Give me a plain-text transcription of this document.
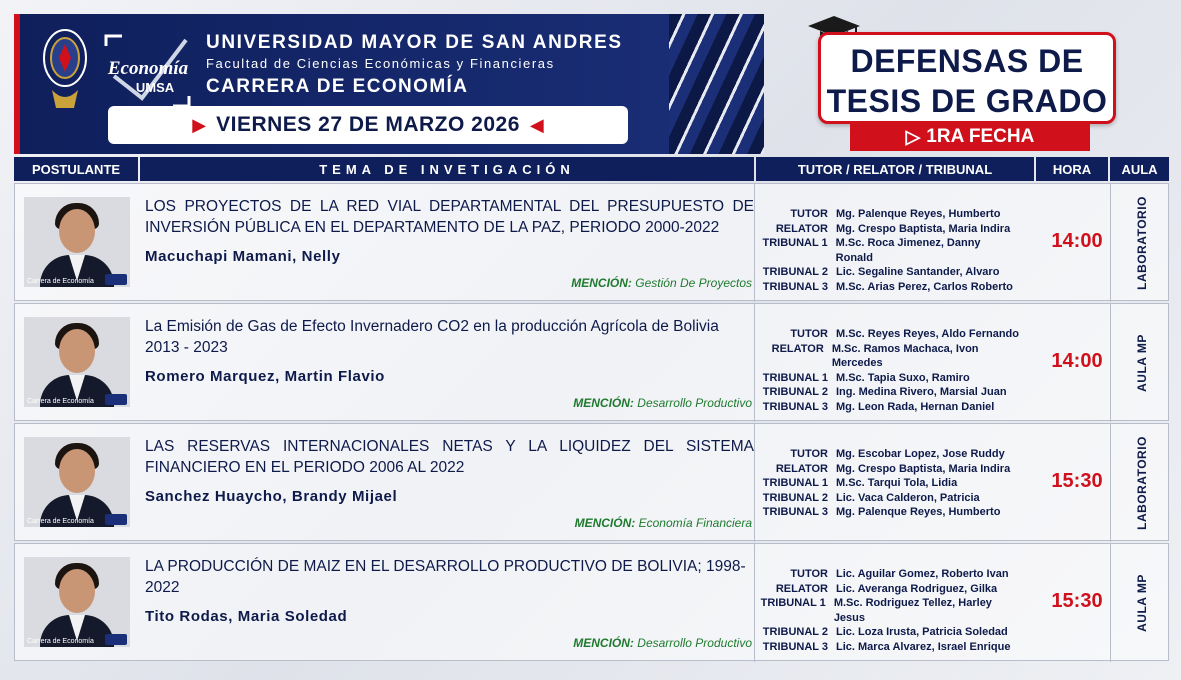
Economía
UMSA
UNIVERSIDAD MAYOR DE SAN ANDRES
Facultad de Ciencias Económicas y Financieras
CARRERA DE ECONOMÍA
▶ VIERNES 27 DE MARZO 2026 ◀
DEFENSAS DE
TESIS DE GRADO
▷ 1RA FECHA
POSTULANTE	TEMA DE INVETIGACIÓN	TUTOR / RELATOR / TRIBUNAL	HORA	AULA
Carrera de Economía
LOS PROYECTOS DE LA RED VIAL DEPARTAMENTAL DEL PRESUPUESTO DE INVERSIÓN PÚBLICA EN EL DEPARTAMENTO DE LA PAZ, PERIODO 2000-2022
Macuchapi Mamani, Nelly
MENCIÓN: Gestión De Proyectos
TUTOR Mg. Palenque Reyes, Humberto
RELATOR Mg. Crespo Baptista, Maria Indira
TRIBUNAL 1 M.Sc. Roca Jimenez, Danny Ronald
TRIBUNAL 2 Lic. Segaline Santander, Alvaro
TRIBUNAL 3 M.Sc. Arias Perez, Carlos Roberto
14:00	LABORATORIO
Carrera de Economía
La Emisión de Gas de Efecto Invernadero CO2 en la producción Agrícola de Bolivia 2013 - 2023
Romero Marquez, Martin Flavio
MENCIÓN: Desarrollo Productivo
TUTOR M.Sc. Reyes Reyes, Aldo Fernando
RELATOR M.Sc. Ramos Machaca, Ivon Mercedes
TRIBUNAL 1 M.Sc. Tapia Suxo, Ramiro
TRIBUNAL 2 Ing. Medina Rivero, Marsial Juan
TRIBUNAL 3 Mg. Leon Rada, Hernan Daniel
14:00	AULA MP
Carrera de Economía
LAS RESERVAS INTERNACIONALES NETAS Y LA LIQUIDEZ DEL SISTEMA FINANCIERO EN EL PERIODO 2006 AL 2022
Sanchez Huaycho, Brandy Mijael
MENCIÓN: Economía Financiera
TUTOR Mg. Escobar Lopez, Jose Ruddy
RELATOR Mg. Crespo Baptista, Maria Indira
TRIBUNAL 1 M.Sc. Tarqui Tola, Lidia
TRIBUNAL 2 Lic. Vaca Calderon, Patricia
TRIBUNAL 3 Mg. Palenque Reyes, Humberto
15:30	LABORATORIO
Carrera de Economía
LA PRODUCCIÓN DE MAIZ EN EL DESARROLLO PRODUCTIVO DE BOLIVIA; 1998-2022
Tito Rodas, Maria Soledad
MENCIÓN: Desarrollo Productivo
TUTOR Lic. Aguilar Gomez, Roberto Ivan
RELATOR Lic. Averanga Rodriguez, Gilka
TRIBUNAL 1 M.Sc. Rodriguez Tellez, Harley Jesus
TRIBUNAL 2 Lic. Loza Irusta, Patricia Soledad
TRIBUNAL 3 Lic. Marca Alvarez, Israel Enrique
15:30	AULA MP
